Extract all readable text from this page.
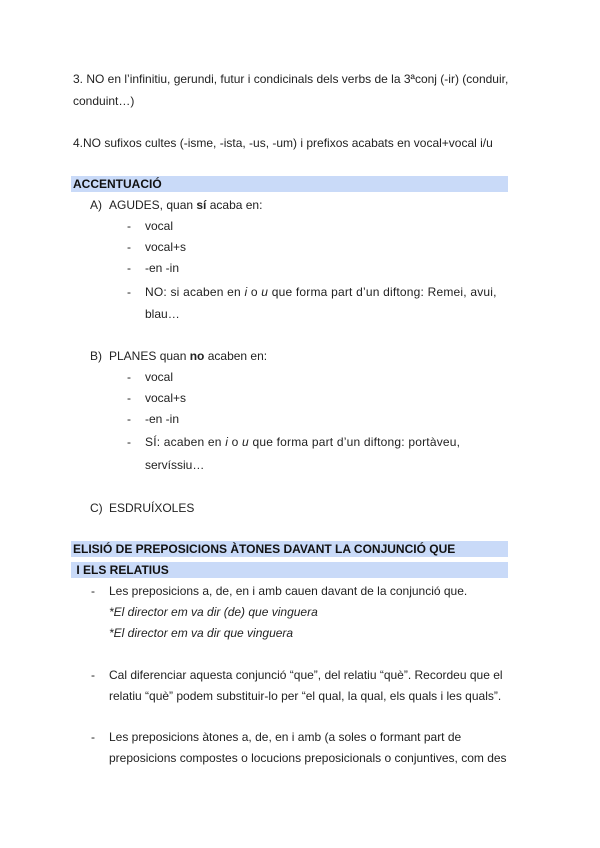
3. NO en l’infinitiu, gerundi, futur i condicinals dels verbs de la 3ªconj (-ir) (conduir,
conduint…)
4.NO sufixos cultes (-isme, -ista, -us, -um) i prefixos acabats en vocal+vocal i/u
ACCENTUACIÓ
A) AGUDES, quan sí acaba en:
- vocal
- vocal+s
- -en -in
- NO: si acaben en i o u que forma part d’un diftong: Remei, avui,
blau…
B) PLANES quan no acaben en:
- vocal
- vocal+s
- -en -in
- SÍ: acaben en i o u que forma part d’un diftong: portàveu,
servíssiu…
C) ESDRUÍXOLES
ELISIÓ DE PREPOSICIONS ÀTONES DAVANT LA CONJUNCIÓ QUE
I ELS RELATIUS
- Les preposicions a, de, en i amb cauen davant de la conjunció que.
*El director em va dir (de) que vinguera
*El director em va dir que vinguera
- Cal diferenciar aquesta conjunció “que”, del relatiu “què”. Recordeu que el
relatiu “què” podem substituir-lo per “el qual, la qual, els quals i les quals”.
- Les preposicions àtones a, de, en i amb (a soles o formant part de
preposicions compostes o locucions preposicionals o conjuntives, com des
